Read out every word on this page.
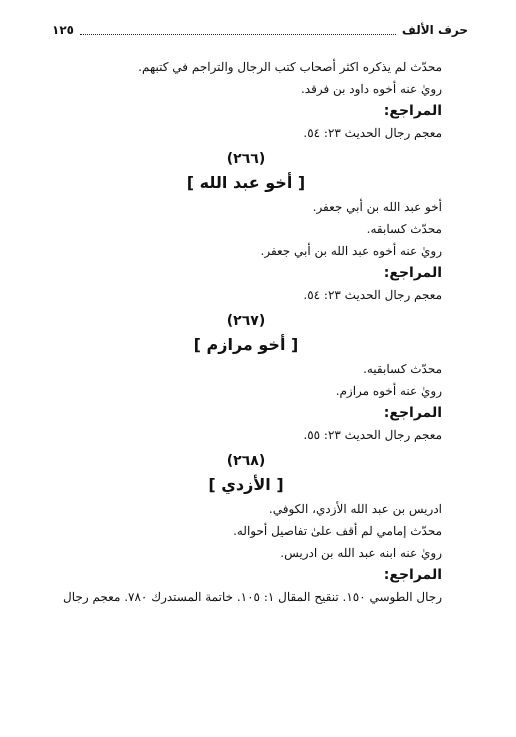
١٢٥	حرف الألف
محدّث لم يذكره اكثر أصحاب كتب الرجال والتراجم في كتبهم.
رويٰ عنه أخوه داود بن فرقد.
المراجع:
معجم رجال الحديث ٢٣: ٥٤.
(٢٦٦)
[ أخو عبد الله ]
أخو عبد الله بن أبي جعفر.
محدّث كسابقه.
رويٰ عنه أخوه عبد الله بن أبي جعفر.
المراجع:
معجم رجال الحديث ٢٣: ٥٤.
(٢٦٧)
[ أخو مرازم ]
محدّث كسابقيه.
رويٰ عنه أخوه مرازم.
المراجع:
معجم رجال الحديث ٢٣: ٥٥.
(٢٦٨)
[ الأزدي ]
ادريس بن عبد الله الأزدي، الكوفي.
محدّث إمامي لم أقف علىٰ تفاصيل أحواله.
رويٰ عنه ابنه عبد الله بن ادريس.
المراجع:
رجال الطوسي ١٥٠. تنقيح المقال ١: ١٠٥. خاتمة المستدرك ٧٨٠. معجم رجال
